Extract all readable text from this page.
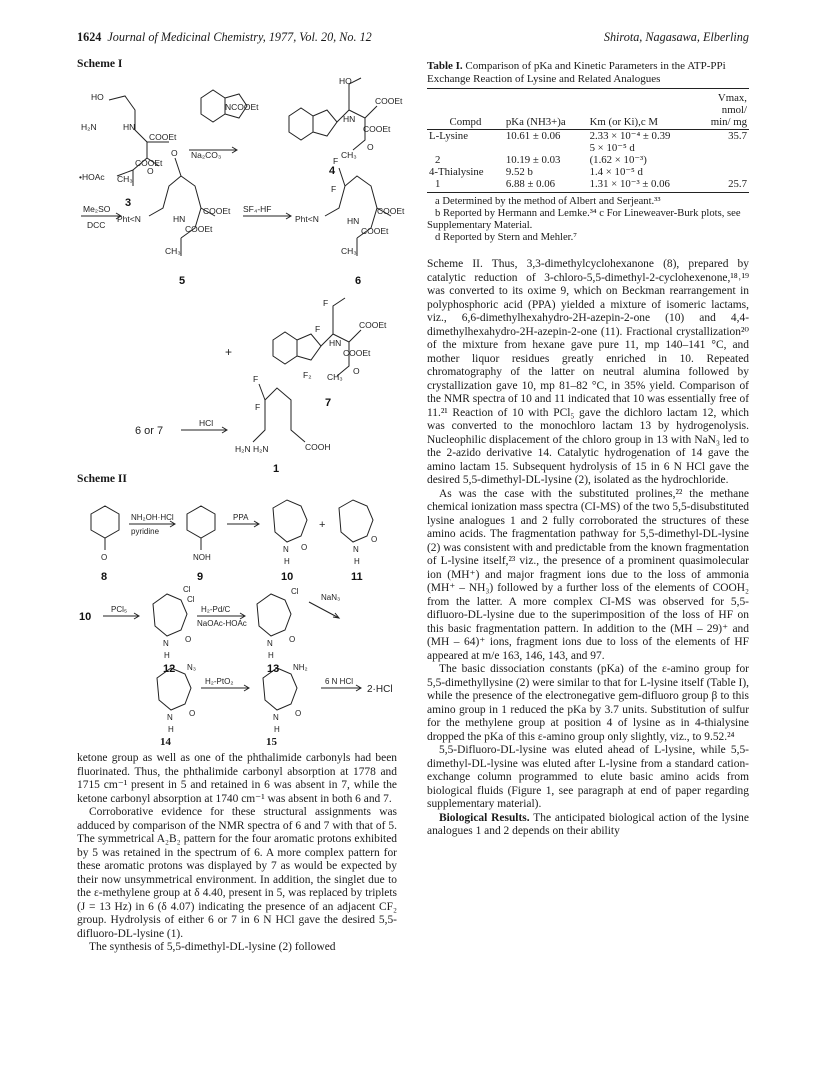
1624 Journal of Medicinal Chemistry, 1977, Vol. 20, No. 12	Shirota, Nagasawa, Elberling
Scheme I
Scheme II
HO
H₂N	HN
COOEt
COOEt
•HOAc CH₃
O
NCOOEt
Na₂CO₃
HO
COOEt
HN
COOEt
CH₃
O
Me₂SO
DCC
Pht<N
O
COOEt
HN
COOEt
CH₃
SF₄-HF
Pht<N
F
F
COOEt
HN
COOEt
CH₃
+
F
F	COOEt
HN
COOEt
F₂ CH₃
O
6 or 7
HCl
F
F
H₂N H₂N	COOH
3
4
5	6
7
1
O
NH₂OH·HCl
pyridine
NOH
PPA
N
H
O
+
N
H
O
PCl₅
Cl
Cl
N
H
O
H₂-Pd/C
NaOAc-HOAc
Cl
N
H
O
NaN₃
N₃
N
H
O
H₂-PtO₂
NH₂
N
H
O
6 N HCl
2·HCl
8	9	10	11
10
12	13
14	15

ketone group as well as one of the phthalimide carbonyls had been fluorinated. Thus, the phthalimide carbonyl absorption at 1778 and 1715 cm⁻¹ present in 5 and retained in 6 was absent in 7, while the ketone carbonyl absorption at 1740 cm⁻¹ was absent in both 6 and 7.

Corroborative evidence for these structural assignments was adduced by comparison of the NMR spectra of 6 and 7 with that of 5. The symmetrical A₂B₂ pattern for the four aromatic protons exhibited by 5 was retained in the spectrum of 6. A more complex pattern for these aromatic protons was displayed by 7 as would be expected by their now unsymmetrical environment. In addition, the singlet due to the ε-methylene group at δ 4.40, present in 5, was replaced by triplets (J = 13 Hz) in 6 (δ 4.07) indicating the presence of an adjacent CF₂ group. Hydrolysis of either 6 or 7 in 6 N HCl gave the desired 5,5-difluoro-DL-lysine (1).

The synthesis of 5,5-dimethyl-DL-lysine (2) followed

Table I. Comparison of pKa and Kinetic Parameters in the ATP-PPi Exchange Reaction of Lysine and Related Analogues

Compd	pKa (NH3+)a	Km (or Ki),c M	Vmax, nmol/ min/ mg
L-Lysine	10.61 ± 0.06	2.33 × 10⁻⁴ ± 0.39	35.7
		5 × 10⁻⁵ d	
2	10.19 ± 0.03	(1.62 × 10⁻³)	
4-Thialysine	9.52 b	1.4 × 10⁻⁵ d	
1	6.88 ± 0.06	1.31 × 10⁻³ ± 0.06	25.7
a Determined by the method of Albert and Serjeant.³³
b Reported by Hermann and Lemke.³⁴ c For Lineweaver-Burk plots, see Supplementary Material.
d Reported by Stern and Mehler.⁷

Scheme II. Thus, 3,3-dimethylcyclohexanone (8), prepared by catalytic reduction of 3-chloro-5,5-dimethyl-2-cyclohexenone,¹⁸˒¹⁹ was converted to its oxime 9, which on Beckman rearrangement in polyphosphoric acid (PPA) yielded a mixture of isomeric lactams, viz., 6,6-dimethylhexahydro-2H-azepin-2-one (10) and 4,4-dimethylhexahydro-2H-azepin-2-one (11). Fractional crystallization²⁰ of the mixture from hexane gave pure 11, mp 140–141 °C, and mother liquor residues greatly enriched in 10. Repeated chromatography of the latter on neutral alumina followed by crystallization gave 10, mp 81–82 °C, in 35% yield. Comparison of the NMR spectra of 10 and 11 indicated that 10 was essentially free of 11.²¹ Reaction of 10 with PCl₅ gave the dichloro lactam 12, which was converted to the monochloro lactam 13 by hydrogenolysis. Nucleophilic displacement of the chloro group in 13 with NaN₃ led to the 2-azido derivative 14. Catalytic hydrogenation of 14 gave the amino lactam 15. Subsequent hydrolysis of 15 in 6 N HCl gave the desired 5,5-dimethyl-DL-lysine (2), isolated as the hydrochloride.

As was the case with the substituted prolines,²² the methane chemical ionization mass spectra (CI-MS) of the two 5,5-disubstituted lysine analogues 1 and 2 fully corroborated the structures of these amino acids. The fragmentation pathway for 5,5-dimethyl-DL-lysine (2) was consistent with and predictable from the known fragmentation of L-lysine itself,²³ viz., the presence of a prominent quasimolecular ion (MH⁺) and major fragment ions due to the loss of ammonia (MH⁺ – NH₃) followed by a further loss of the elements of COOH₂ from the latter. A more complex CI-MS was observed for 5,5-difluoro-DL-lysine due to the superimposition of the loss of HF on this basic fragmentation pattern. In addition to the (MH – 29)⁺ and (MH – 64)⁺ ions, fragment ions due to loss of the elements of HF appeared at m/e 163, 146, 143, and 97.

The basic dissociation constants (pKa) of the ε-amino group for 5,5-dimethyllysine (2) were similar to that for L-lysine itself (Table I), while the presence of the electronegative gem-difluoro group β to this amino group in 1 reduced the pKa by 3.7 units. Substitution of sulfur for the methylene group at position 4 of lysine as in 4-thialysine dropped the pKa of this ε-amino group only slightly, viz., to 9.52.²⁴

5,5-Difluoro-DL-lysine was eluted ahead of L-lysine, while 5,5-dimethyl-DL-lysine was eluted after L-lysine from a standard cation-exchange column programmed to elute basic amino acids from biological fluids (Figure 1, see paragraph at end of paper regarding supplementary material).

Biological Results. The anticipated biological action of the lysine analogues 1 and 2 depends on their ability
